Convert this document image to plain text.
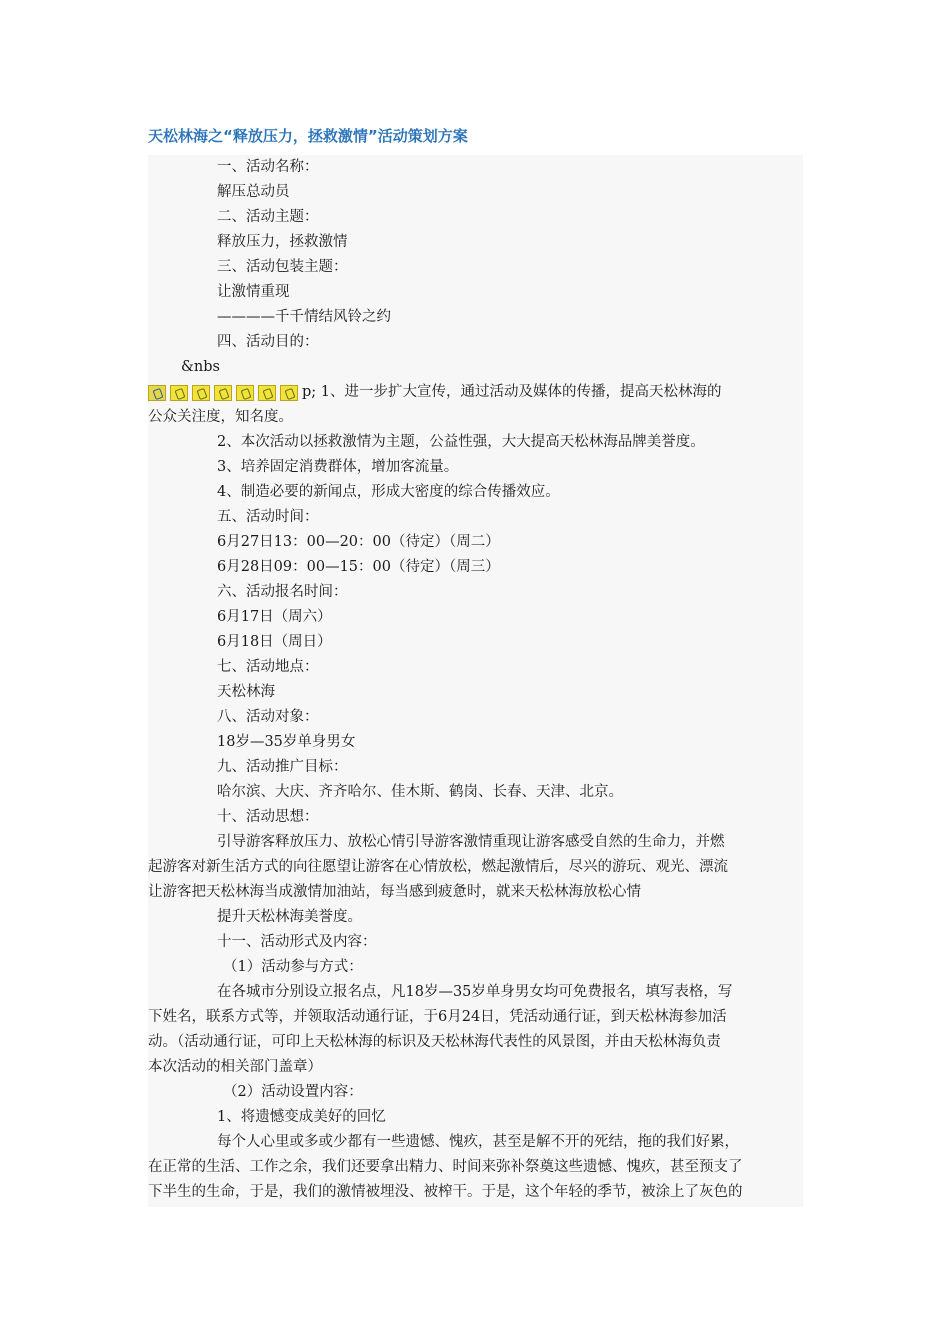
天松林海之“释放压力，拯救激情”活动策划方案
一、活动名称：
解压总动员
二、活动主题：
释放压力，拯救激情
三、活动包装主题：
让激情重现
————千千情结风铃之约
四、活动目的：
&nbs
p; 1、进一步扩大宣传，通过活动及媒体的传播，提高天松林海的
公众关注度，知名度。
2、本次活动以拯救激情为主题，公益性强，大大提高天松林海品牌美誉度。
3、培养固定消费群体，增加客流量。
4、制造必要的新闻点，形成大密度的综合传播效应。
五、活动时间：
6月27日13：00—20：00（待定）（周二）
6月28日09：00—15：00（待定）（周三）
六、活动报名时间：
6月17日（周六）
6月18日（周日）
七、活动地点：
天松林海
八、活动对象：
18岁—35岁单身男女
九、活动推广目标：
哈尔滨、大庆、齐齐哈尔、佳木斯、鹤岗、长春、天津、北京。
十、活动思想：
引导游客释放压力、放松心情引导游客激情重现让游客感受自然的生命力，并燃
起游客对新生活方式的向往愿望让游客在心情放松，燃起激情后，尽兴的游玩、观光、漂流
让游客把天松林海当成激情加油站，每当感到疲惫时，就来天松林海放松心情
提升天松林海美誉度。
十一、活动形式及内容：
（1）活动参与方式：
在各城市分别设立报名点，凡18岁—35岁单身男女均可免费报名，填写表格，写
下姓名，联系方式等，并领取活动通行证，于6月24日，凭活动通行证，到天松林海参加活
动。（活动通行证，可印上天松林海的标识及天松林海代表性的风景图，并由天松林海负责
本次活动的相关部门盖章）
（2）活动设置内容：
1、将遗憾变成美好的回忆
每个人心里或多或少都有一些遗憾、愧疚，甚至是解不开的死结，拖的我们好累，
在正常的生活、工作之余，我们还要拿出精力、时间来弥补祭奠这些遗憾、愧疚，甚至预支了
下半生的生命，于是，我们的激情被埋没、被榨干。于是，这个年轻的季节，被涂上了灰色的
